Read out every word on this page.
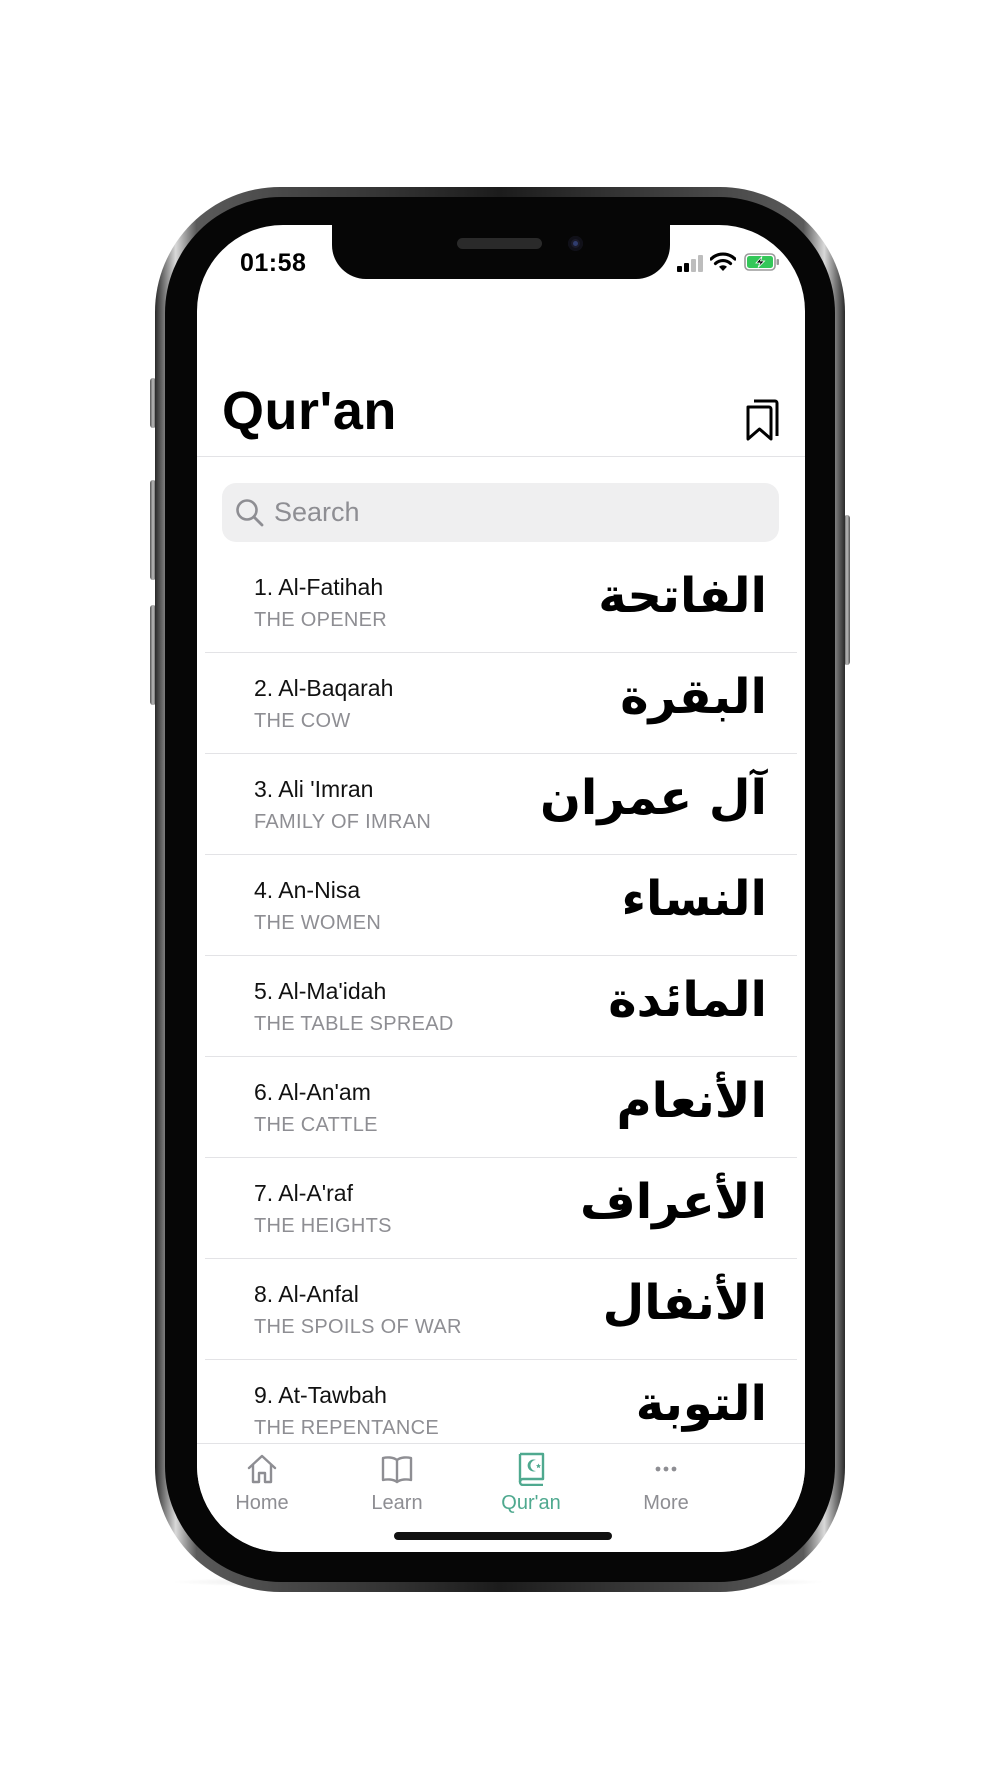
01:58
Qur'an
Search
1. Al-Fatihah
THE OPENER	الفاتحة
2. Al-Baqarah
THE COW	البقرة
3. Ali 'Imran
FAMILY OF IMRAN آل عمران
4. An-Nisa
THE WOMEN	النساء
5. Al-Ma'idah
THE TABLE SPREAD	المائدة
6. Al-An'am
THE CATTLE	الأنعام
7. Al-A'raf
THE HEIGHTS	الأعراف
8. Al-Anfal
THE SPOILS OF WAR	الأنفال
9. At-Tawbah
THE REPENTANCE	التوبة
Home	Learn	Qur'an	More
